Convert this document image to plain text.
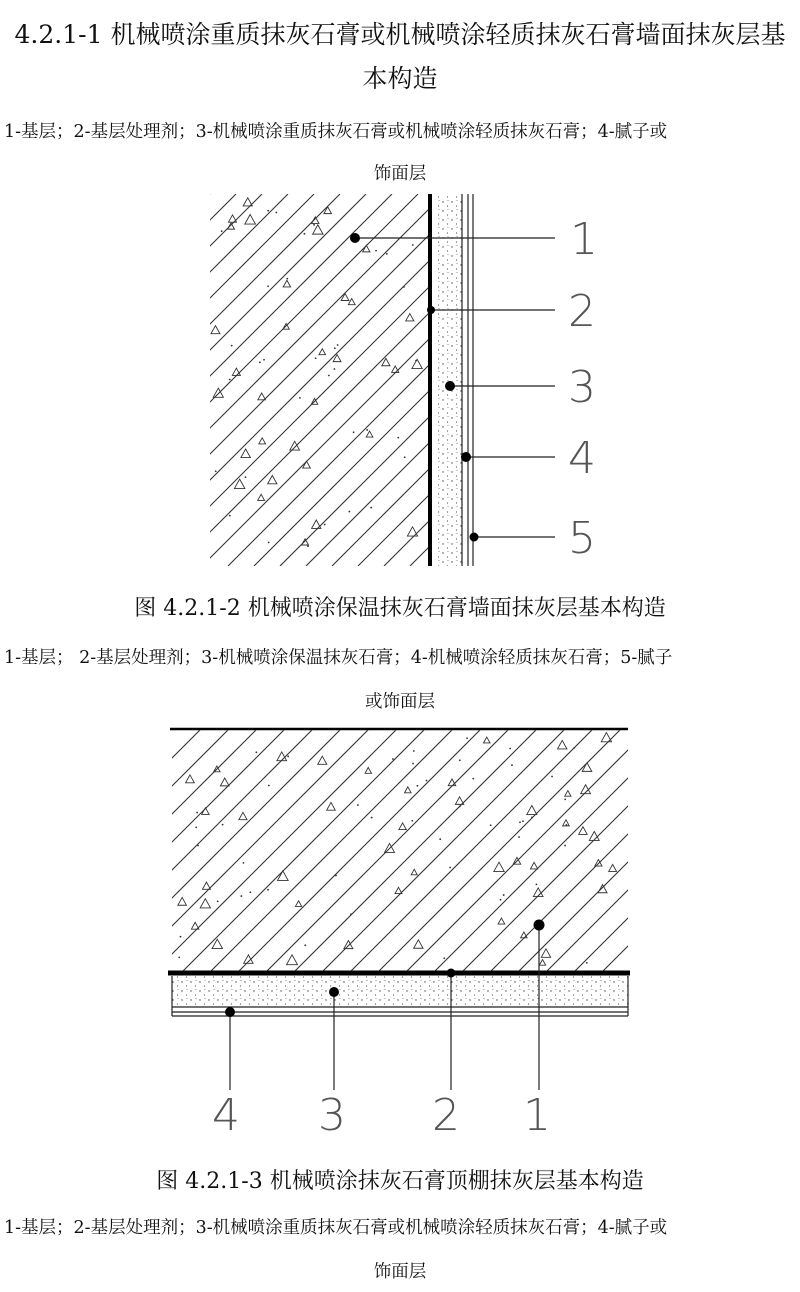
4.2.1-1 机械喷涂重质抹灰石膏或机械喷涂轻质抹灰石膏墙面抹灰层基
本构造
1-基层；2-基层处理剂；3-机械喷涂重质抹灰石膏或机械喷涂轻质抹灰石膏；4-腻子或
饰面层
1
2
3
4
5
图 4.2.1-2 机械喷涂保温抹灰石膏墙面抹灰层基本构造
1-基层； 2-基层处理剂；3-机械喷涂保温抹灰石膏；4-机械喷涂轻质抹灰石膏；5-腻子
或饰面层
4 3 2 1
图 4.2.1-3 机械喷涂抹灰石膏顶棚抹灰层基本构造
1-基层；2-基层处理剂；3-机械喷涂重质抹灰石膏或机械喷涂轻质抹灰石膏；4-腻子或
饰面层
